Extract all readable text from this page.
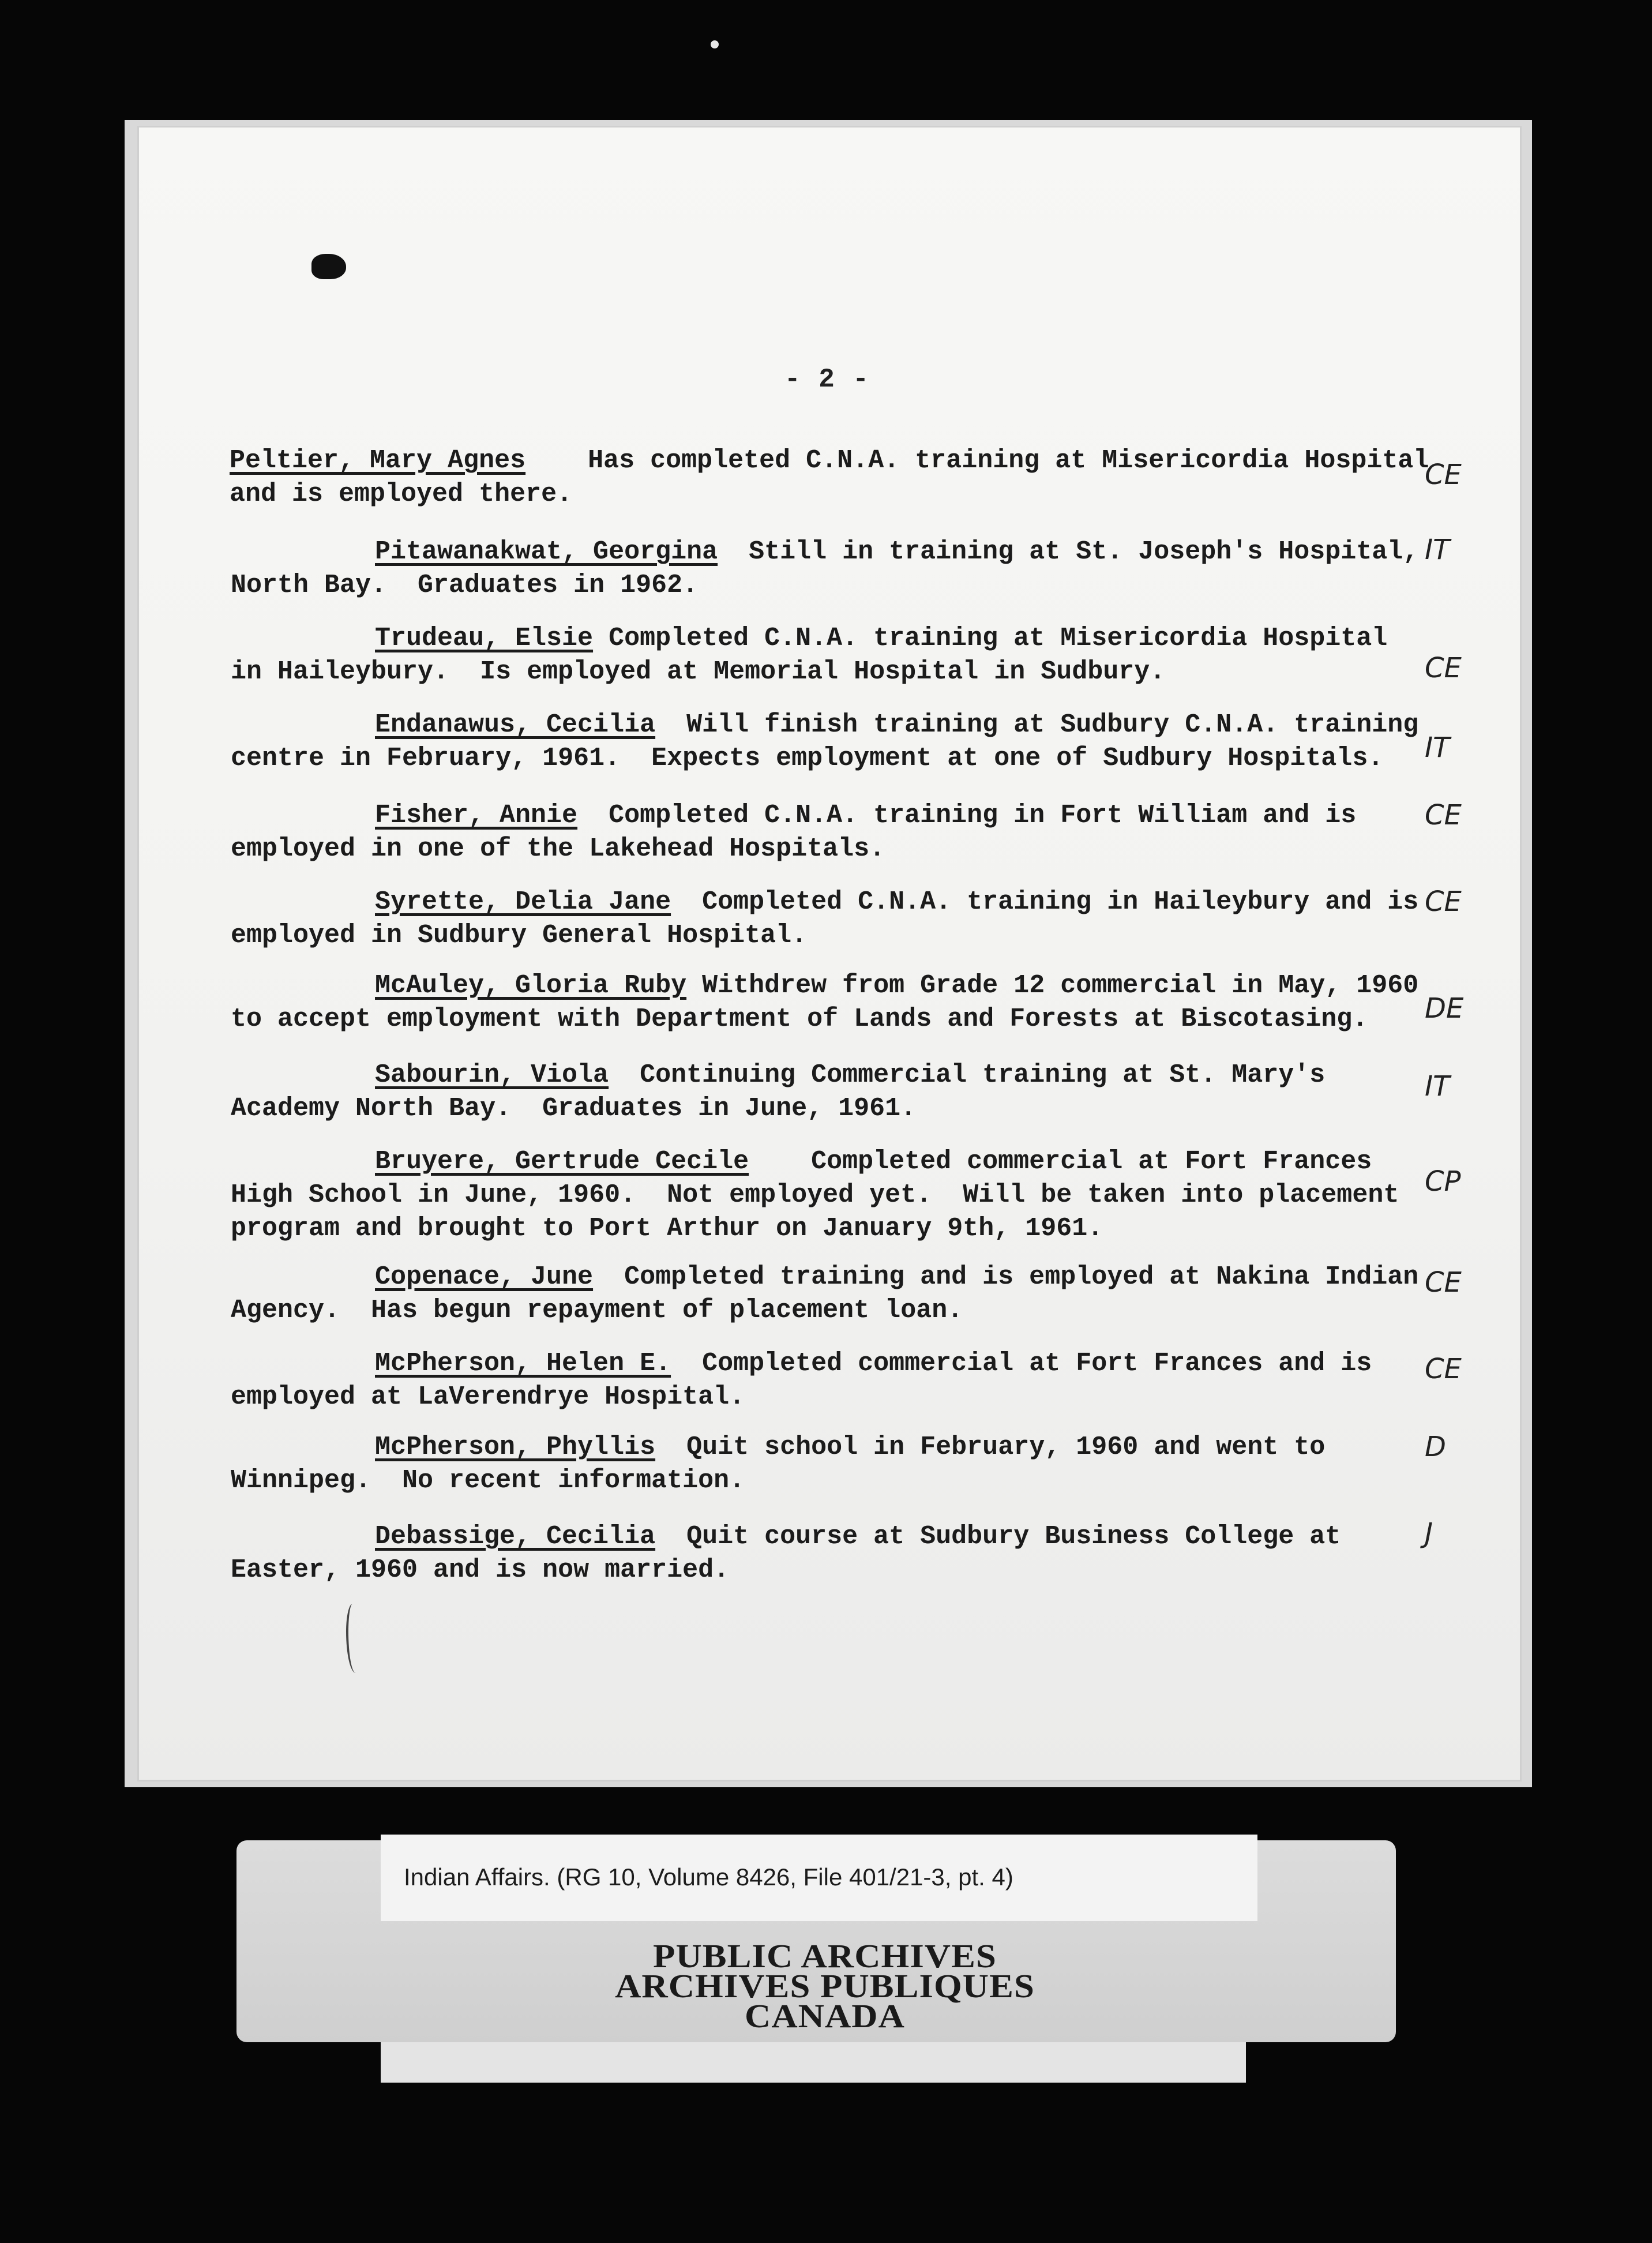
- 2 -

Peltier, Mary Agnes    Has completed C.N.A. training at Misericordia Hospital
and is employed there.

CE

Pitawanakwat, Georgina  Still in training at St. Joseph's Hospital,
North Bay.  Graduates in 1962.

IT

Trudeau, Elsie Completed C.N.A. training at Misericordia Hospital
in Haileybury.  Is employed at Memorial Hospital in Sudbury.	CE

Endanawus, Cecilia  Will finish training at Sudbury C.N.A. training
centre in February, 1961.  Expects employment at one of Sudbury Hospitals. IT

Fisher, Annie  Completed C.N.A. training in Fort William and is
employed in one of the Lakehead Hospitals.

CE

Syrette, Delia Jane  Completed C.N.A. training in Haileybury and is
employed in Sudbury General Hospital.

CE

McAuley, Gloria Ruby Withdrew from Grade 12 commercial in May, 1960
to accept employment with Department of Lands and Forests at Biscotasing.	DE

Sabourin, Viola  Continuing Commercial training at St. Mary's
Academy North Bay.  Graduates in June, 1961.

IT

Bruyere, Gertrude Cecile    Completed commercial at Fort Frances
High School in June, 1960.  Not employed yet.  Will be taken into placement
program and brought to Port Arthur on January 9th, 1961.

CP

Copenace, June  Completed training and is employed at Nakina Indian
Agency.  Has begun repayment of placement loan.

CE

McPherson, Helen E.  Completed commercial at Fort Frances and is
employed at LaVerendrye Hospital.

CE

McPherson, Phyllis  Quit school in February, 1960 and went to
Winnipeg.  No recent information.

D

Debassige, Cecilia  Quit course at Sudbury Business College at
Easter, 1960 and is now married.

J
Indian Affairs. (RG 10, Volume 8426, File 401/21-3, pt. 4)
PUBLIC ARCHIVES
ARCHIVES PUBLIQUES
CANADA
